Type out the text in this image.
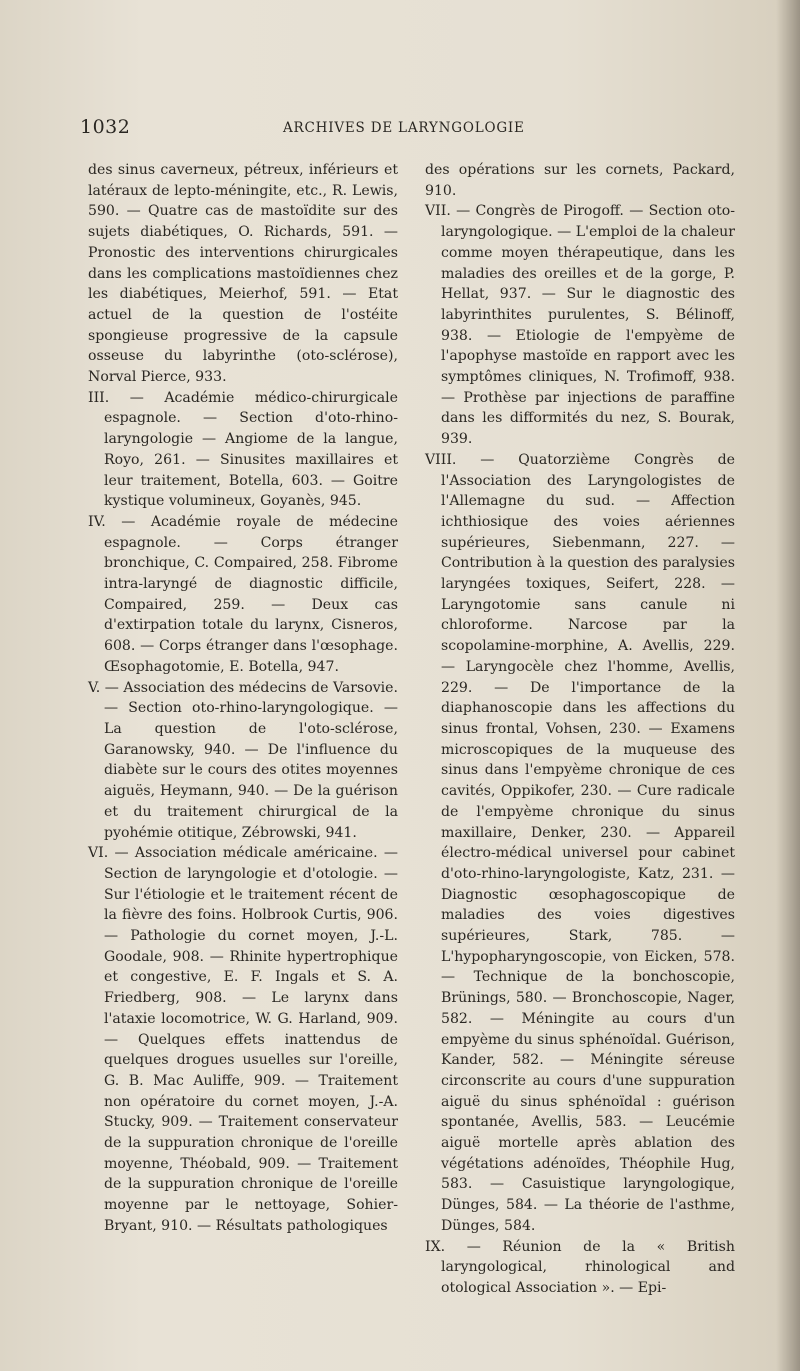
1032	ARCHIVES DE LARYNGOLOGIE

des sinus caverneux, pétreux, inférieurs et latéraux de lepto-méningite, etc., R. Lewis, 590. — Quatre cas de mastoïdite sur des sujets diabétiques, O. Richards, 591. — Pronostic des interventions chirurgicales dans les complications mastoïdiennes chez les diabétiques, Meierhof, 591. — Etat actuel de la question de l'ostéite spongieuse progressive de la capsule osseuse du labyrinthe (oto-sclérose), Norval Pierce, 933.

III. — Académie médico-chirurgicale espagnole. — Section d'oto-rhino-laryngologie — Angiome de la langue, Royo, 261. — Sinusites maxillaires et leur traitement, Botella, 603. — Goitre kystique volumineux, Goyanès, 945.

IV. — Académie royale de médecine espagnole. — Corps étranger bronchique, C. Compaired, 258. Fibrome intra-laryngé de diagnostic difficile, Compaired, 259. — Deux cas d'extirpation totale du larynx, Cisneros, 608. — Corps étranger dans l'œsophage. Œsophagotomie, E. Botella, 947.

V. — Association des médecins de Varsovie. — Section oto-rhino-laryngologique. — La question de l'oto-sclérose, Garanowsky, 940. — De l'influence du diabète sur le cours des otites moyennes aiguës, Heymann, 940. — De la guérison et du traitement chirurgical de la pyohémie otitique, Zébrowski, 941.

VI. — Association médicale américaine. — Section de laryngologie et d'otologie. — Sur l'étiologie et le traitement récent de la fièvre des foins. Holbrook Curtis, 906. — Pathologie du cornet moyen, J.-L. Goodale, 908. — Rhinite hypertrophique et congestive, E. F. Ingals et S. A. Friedberg, 908. — Le larynx dans l'ataxie locomotrice, W. G. Harland, 909. — Quelques effets inattendus de quelques drogues usuelles sur l'oreille, G. B. Mac Auliffe, 909. — Traitement non opératoire du cornet moyen, J.-A. Stucky, 909. — Traitement conservateur de la suppuration chronique de l'oreille moyenne, Théobald, 909. — Traitement de la suppuration chronique de l'oreille moyenne par le nettoyage, Sohier-Bryant, 910. — Résultats pathologiques

des opérations sur les cornets, Packard, 910.

VII. — Congrès de Pirogoff. — Section oto-laryngologique. — L'emploi de la chaleur comme moyen thérapeutique, dans les maladies des oreilles et de la gorge, P. Hellat, 937. — Sur le diagnostic des labyrinthites purulentes, S. Bélinoff, 938. — Etiologie de l'empyème de l'apophyse mastoïde en rapport avec les symptômes cliniques, N. Trofimoff, 938. — Prothèse par injections de paraffine dans les difformités du nez, S. Bourak, 939.

VIII. — Quatorzième Congrès de l'Association des Laryngologistes de l'Allemagne du sud. — Affection ichthiosique des voies aériennes supérieures, Siebenmann, 227. — Contribution à la question des paralysies laryngées toxiques, Seifert, 228. — Laryngotomie sans canule ni chloroforme. Narcose par la scopolamine-morphine, A. Avellis, 229. — Laryngocèle chez l'homme, Avellis, 229. — De l'importance de la diaphanoscopie dans les affections du sinus frontal, Vohsen, 230. — Examens microscopiques de la muqueuse des sinus dans l'empyème chronique de ces cavités, Oppikofer, 230. — Cure radicale de l'empyème chronique du sinus maxillaire, Denker, 230. — Appareil électro-médical universel pour cabinet d'oto-rhino-laryngologiste, Katz, 231. — Diagnostic œsophagoscopique de maladies des voies digestives supérieures, Stark, 785. — L'hypopharyngoscopie, von Eicken, 578. — Technique de la bonchoscopie, Brünings, 580. — Bronchoscopie, Nager, 582. — Méningite au cours d'un empyème du sinus sphénoïdal. Guérison, Kander, 582. — Méningite séreuse circonscrite au cours d'une suppuration aiguë du sinus sphénoïdal : guérison spontanée, Avellis, 583. — Leucémie aiguë mortelle après ablation des végétations adénoïdes, Théophile Hug, 583. — Casuistique laryngologique, Dünges, 584. — La théorie de l'asthme, Dünges, 584.

IX. — Réunion de la « British laryngological, rhinological and otological Association ». — Epi-
